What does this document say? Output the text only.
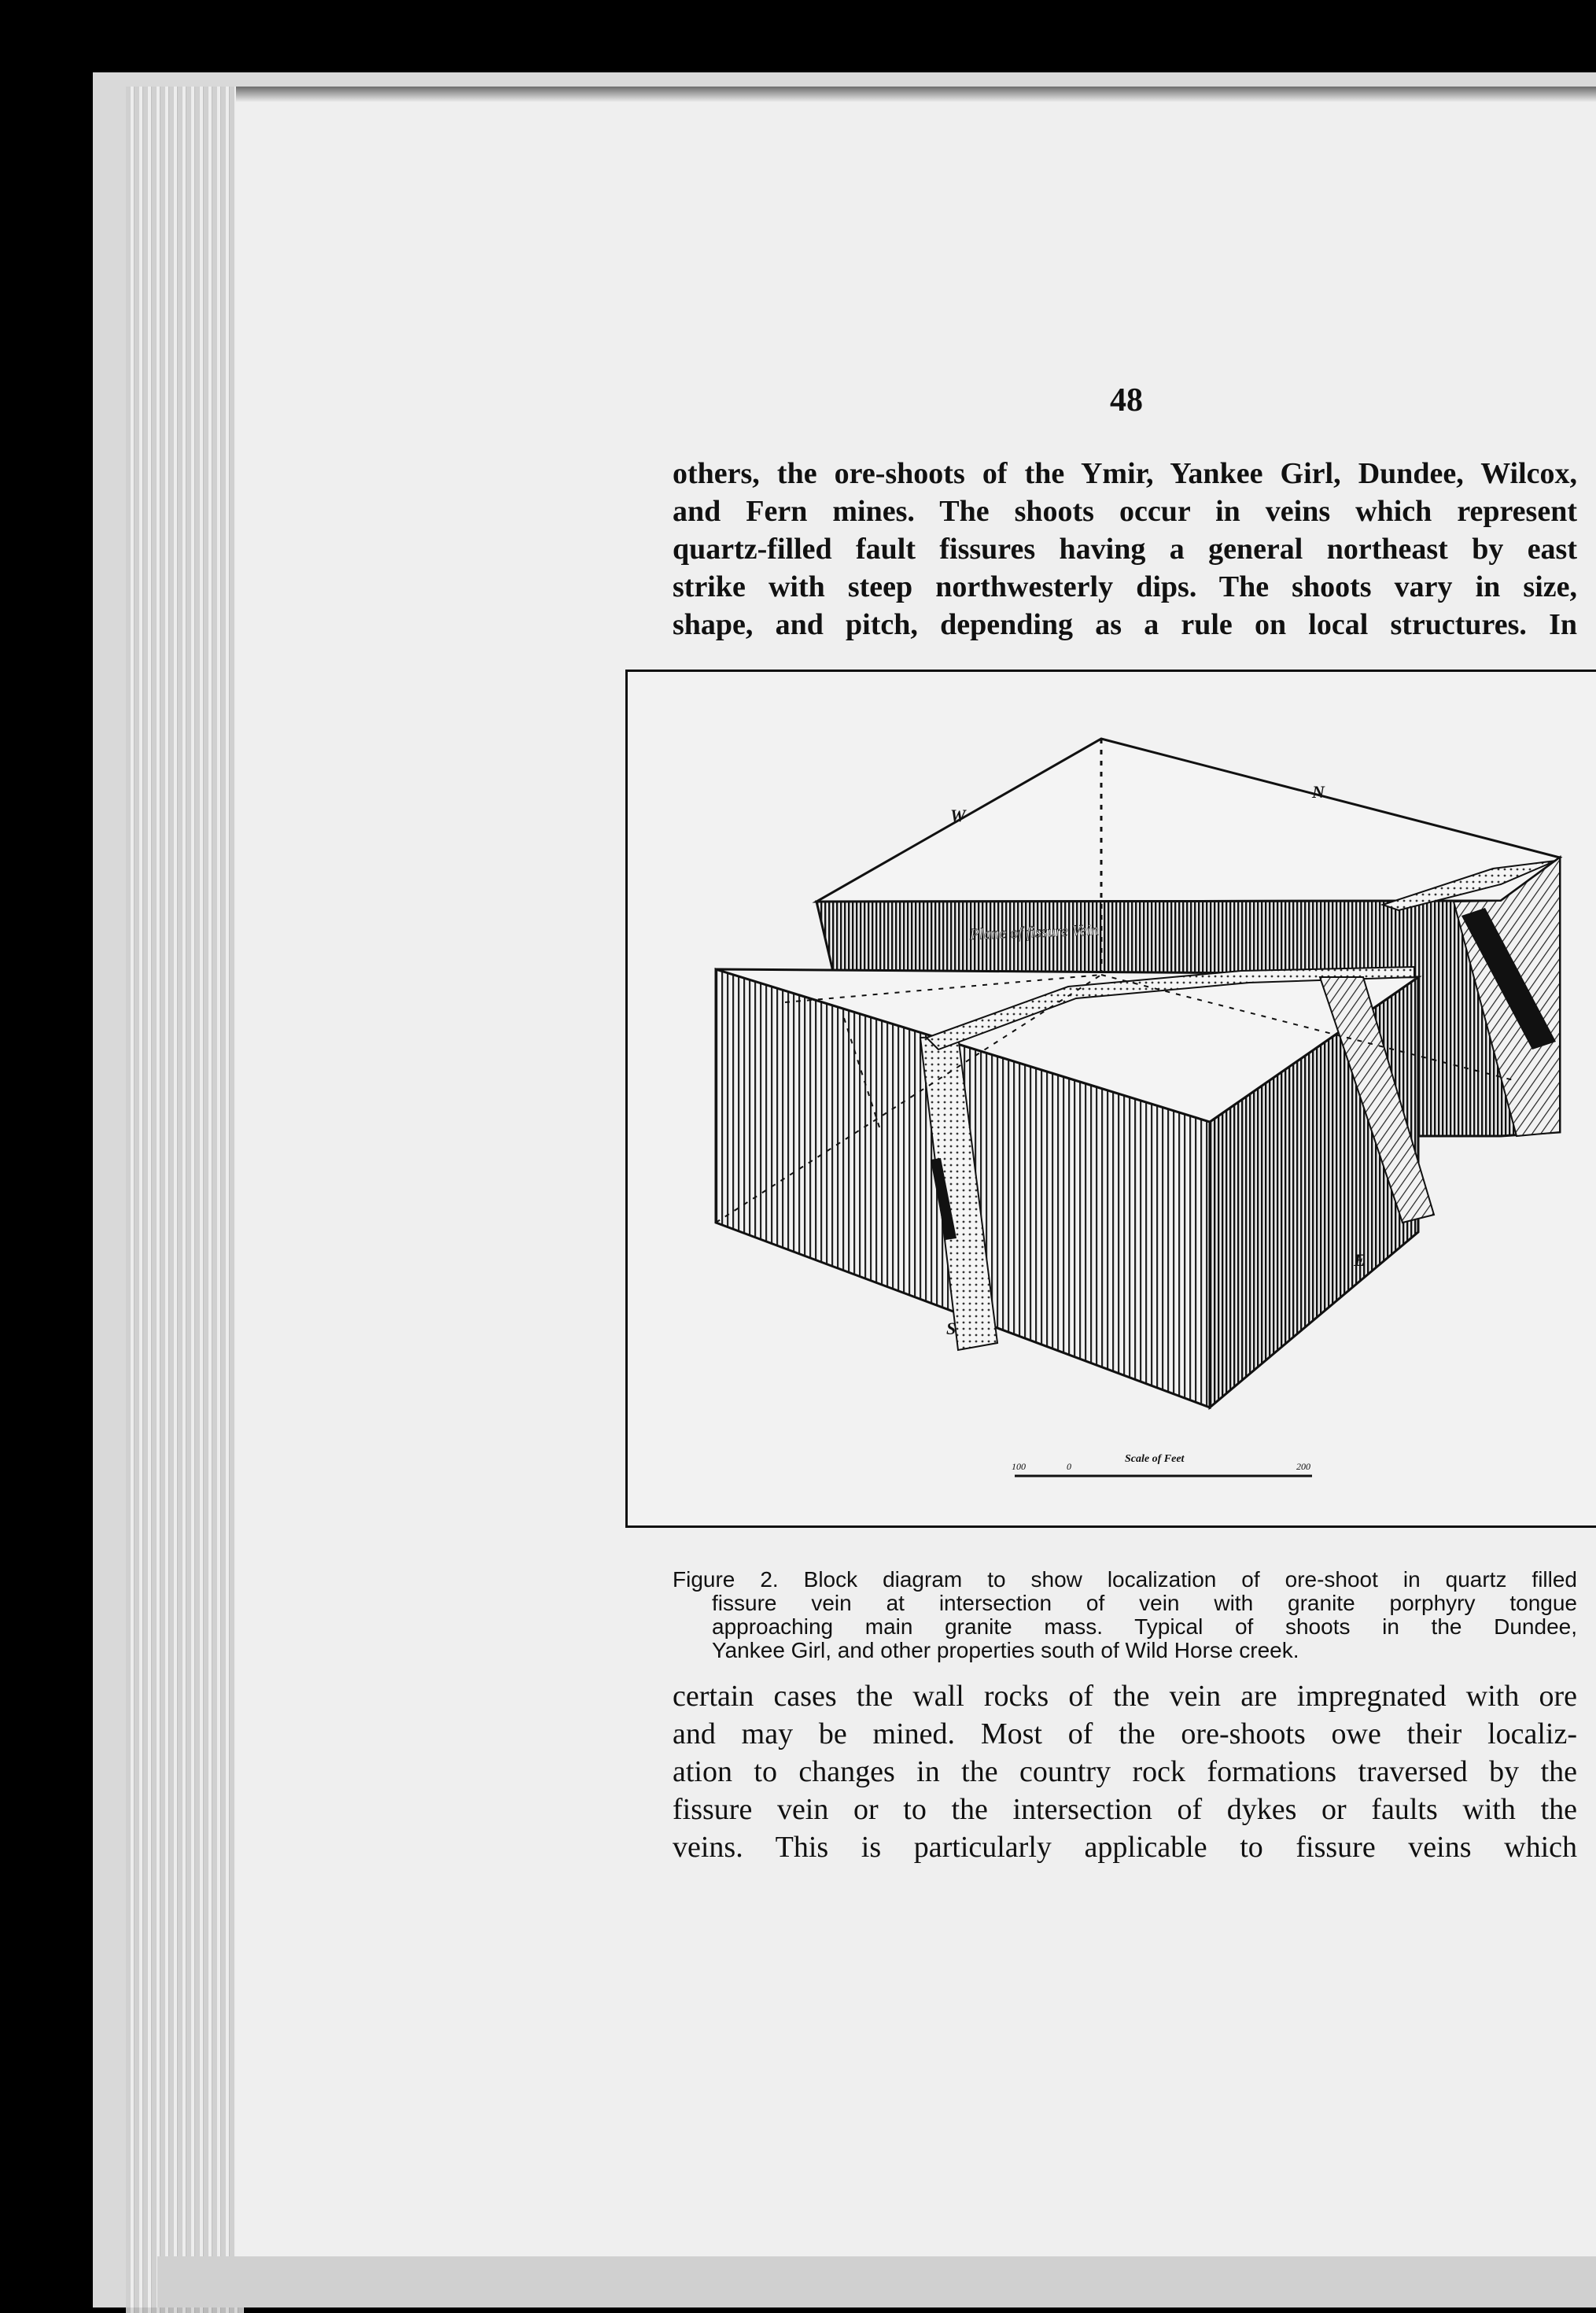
48
others, the ore-shoots of the Ymir, Yankee Girl, Dundee, Wilcox,
and Fern mines. The shoots occur in veins which represent
quartz-filled fault fissures having a general northeast by east
strike with steep northwesterly dips. The shoots vary in size,
shape, and pitch, depending as a rule on local structures. In
Plane of fissure Vein
W
N
E
S
Scale of Feet
100	0	200
Figure 2. Block diagram to show localization of ore-shoot in quartz filled
fissure vein at intersection of vein with granite porphyry tongue
approaching main granite mass. Typical of shoots in the Dundee,
Yankee Girl, and other properties south of Wild Horse creek.
certain cases the wall rocks of the vein are impregnated with ore
and may be mined. Most of the ore-shoots owe their localiz-
ation to changes in the country rock formations traversed by the
fissure vein or to the intersection of dykes or faults with the
veins. This is particularly applicable to fissure veins which
